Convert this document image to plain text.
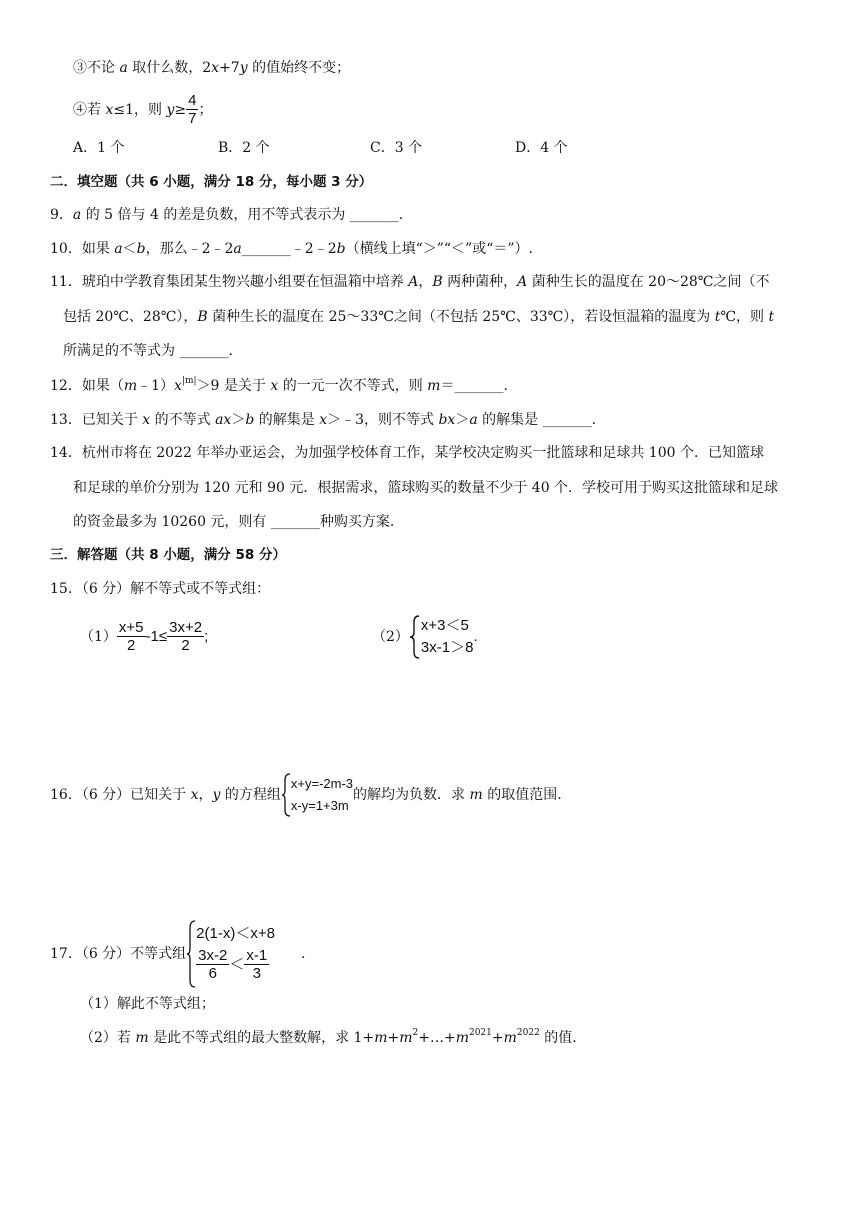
③不论 a 取什么数，2x+7y 的值始终不变；
④若 x≤1，则 $y\ge \frac{4}{7}$ ；
A．1 个	B．2 个	C．3 个	D．4 个
二．填空题（共 6 小题，满分 18 分，每小题 3 分）
9．a 的 5 倍与 4 的差是负数，用不等式表示为 _______.
10．如果 a＜b，那么﹣2﹣2a_______﹣2﹣2b（横线上填“＞”“＜”或“＝”）.
11．琥珀中学教育集团某生物兴趣小组要在恒温箱中培养 A，B 两种菌种，A 菌种生长的温度在 20～28℃之间（不
包括 20℃、28℃），B 菌种生长的温度在 25～33℃之间（不包括 25℃、33℃），若设恒温箱的温度为 t℃，则 t
所满足的不等式为 _______.
12．如果$(m﹣1)x^{|m|}>9$ 是关于 x 的一元一次不等式，则 m＝_______.
13．已知关于 x 的不等式 ax＞b 的解集是 x＞﹣3，则不等式 bx＞a 的解集是 _______.
14．杭州市将在 2022 年举办亚运会，为加强学校体育工作，某学校决定购买一批篮球和足球共 100 个．已知篮球
和足球的单价分别为 120 元和 90 元．根据需求，篮球购买的数量不少于 40 个．学校可用于购买这批篮球和足球
的资金最多为 10260 元，则有 _______种购买方案.
三．解答题（共 8 小题，满分 58 分）
15．（6 分）解不等式或不等式组：
$(1) \frac{x+5}{2} -1\le \frac{3x+2}{2}$ ;	（2）
x+3＜5
3x-1＞8
.
16．（6 分）已知关于 x，y 的方程组
x+y=-2m-3
x-y=1+3m
的解均为负数．求 m 的取值范围.
17．（6 分）不等式组
2(1-x)＜x+8
$\frac{3x-2}{6} < \frac{x-1}{3}$ .
（1）解此不等式组；
（2）若 m 是此不等式组的最大整数解，求 $1+m+m^2+\dots+m^{2021}+m^{2022}$ 的值.
